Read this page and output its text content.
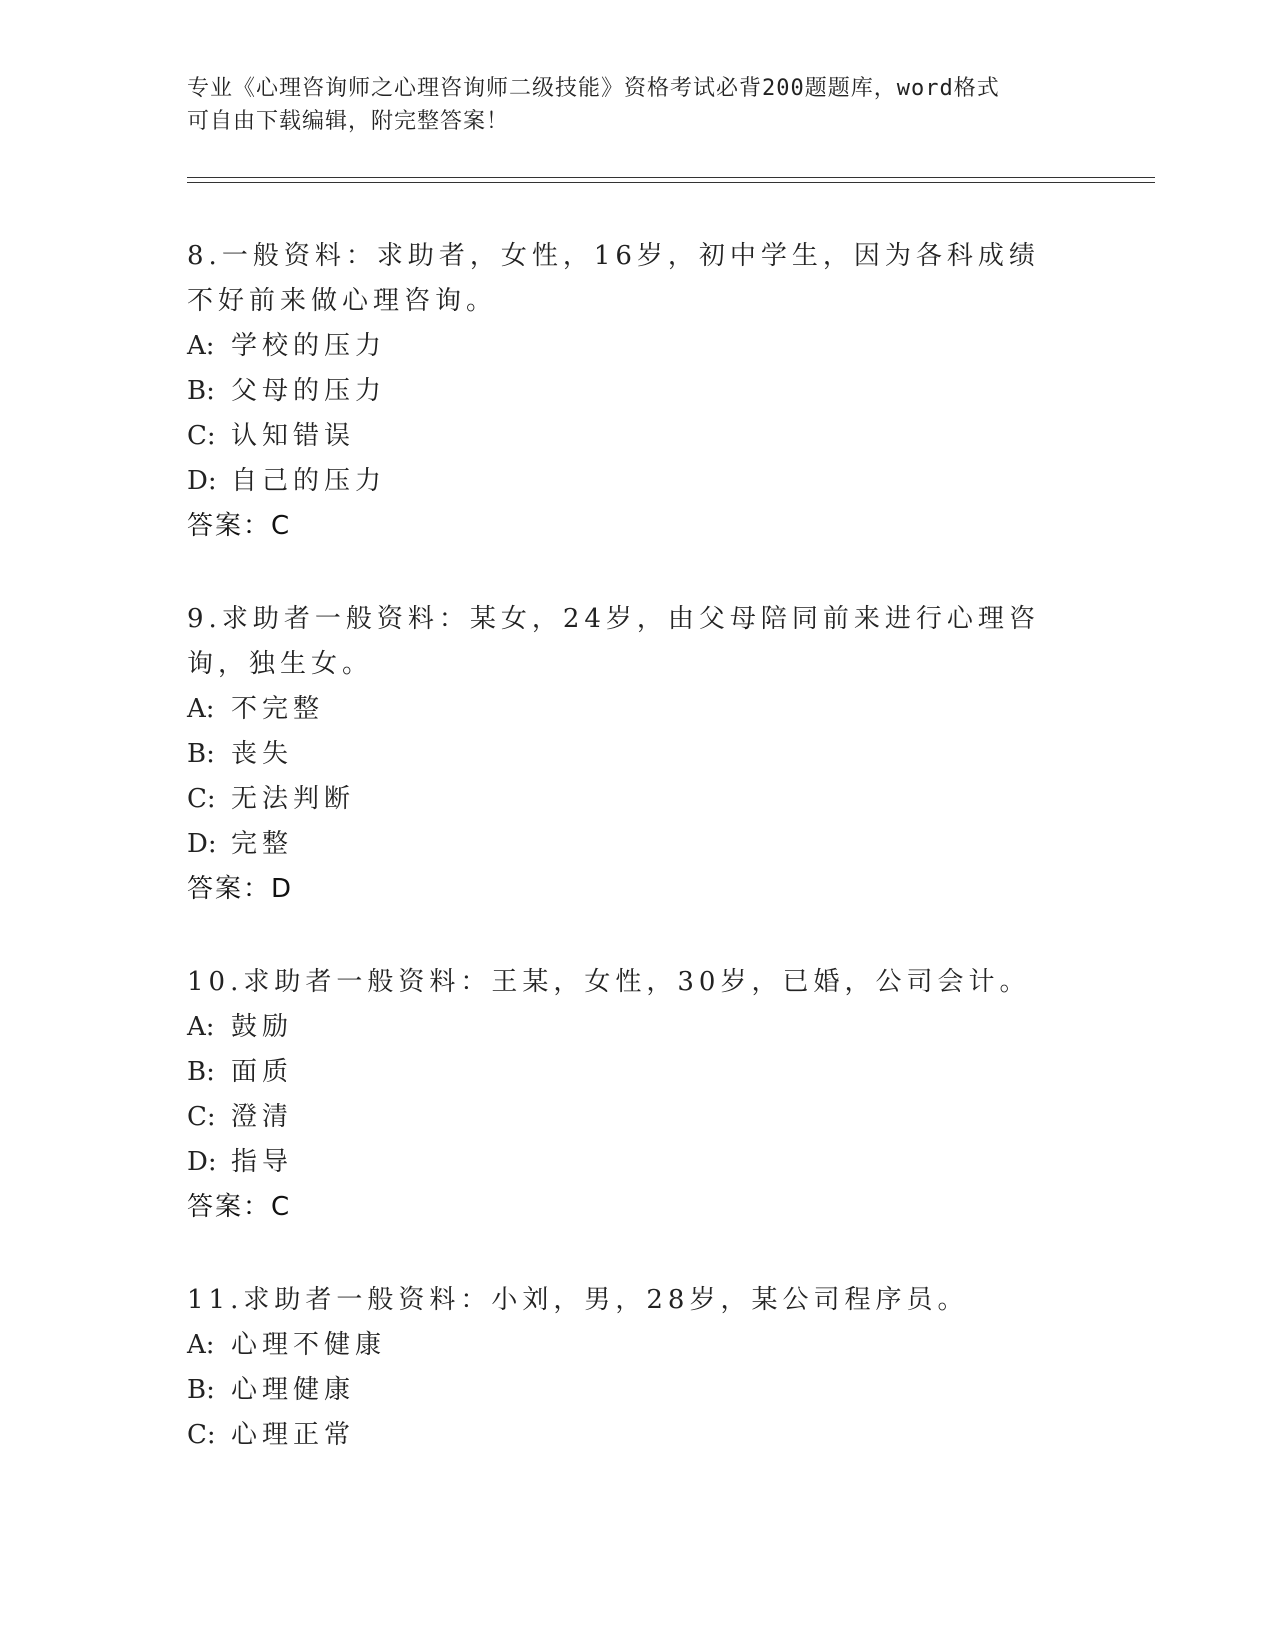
专业《心理咨询师之心理咨询师二级技能》资格考试必背200题题库，word格式
可自由下载编辑，附完整答案！

8.一般资料：求助者，女性，16岁，初中学生，因为各科成绩不好前来做心理咨询。

A: 学校的压力

B: 父母的压力

C: 认知错误

D: 自己的压力

答案：C

9.求助者一般资料：某女，24岁，由父母陪同前来进行心理咨询，独生女。

A: 不完整

B: 丧失

C: 无法判断

D: 完整

答案：D

10.求助者一般资料：王某，女性，30岁，已婚，公司会计。

A: 鼓励

B: 面质

C: 澄清

D: 指导

答案：C

11.求助者一般资料：小刘，男，28岁，某公司程序员。

A: 心理不健康

B: 心理健康

C: 心理正常
